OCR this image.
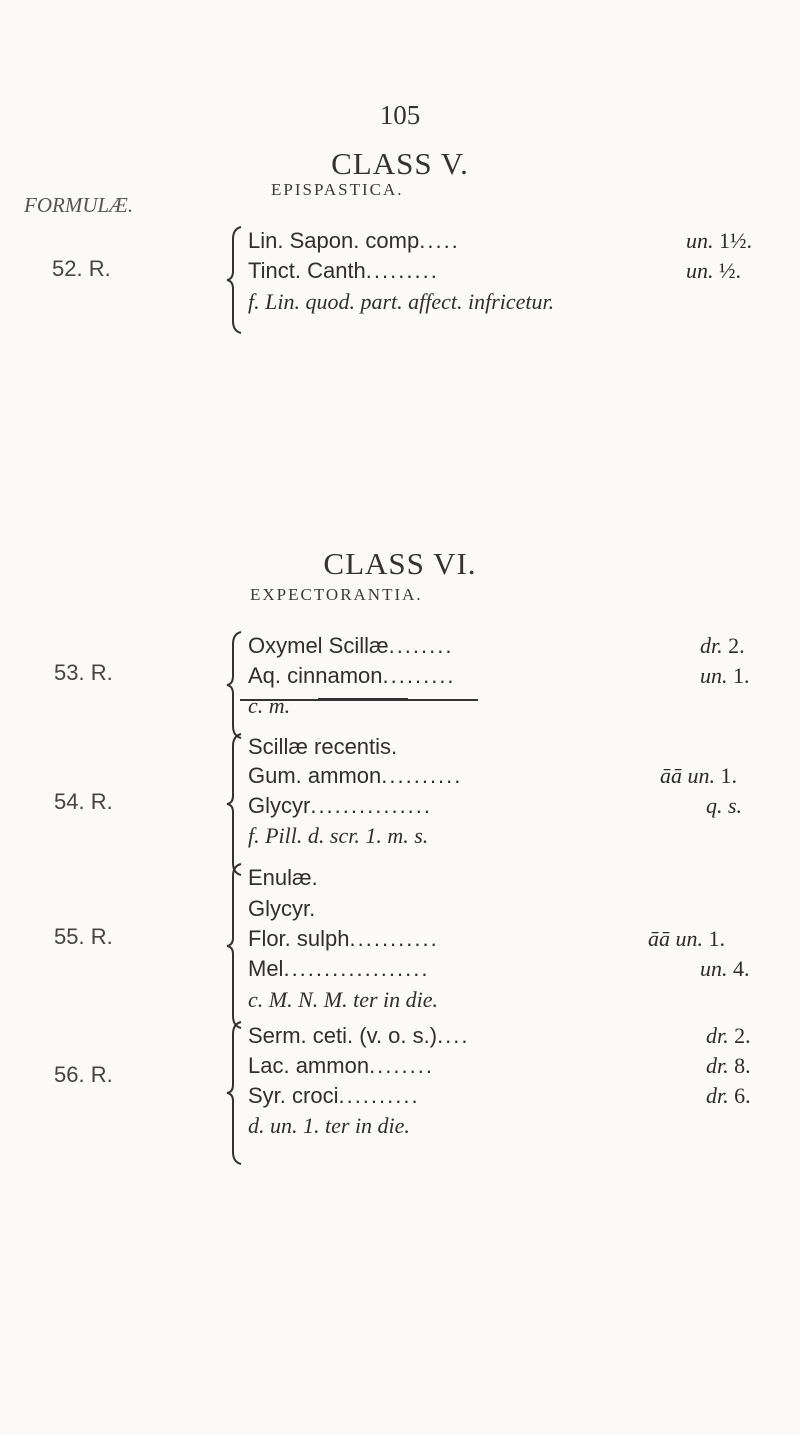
105
CLASS V.
EPISPASTICA.
FORMULÆ.
52. R.
Lin. Sapon. comp.....	un. 1½.
Tinct. Canth.........	un. ½.
f. Lin. quod. part. affect. infricetur.
CLASS VI.
EXPECTORANTIA.
53. R.
Oxymel Scillæ........	dr. 2.
Aq. cinnamon.........	un. 1.
c. m.
54. R.
Scillæ recentis.
Gum. ammon..........	āā un. 1.
Glycyr...............	q. s.
f. Pill. d. scr. 1. m. s.
55. R.
Enulæ.
Glycyr.
Flor. sulph...........	āā un. 1.
Mel..................	un. 4.
c. M. N. M. ter in die.
56. R.
Serm. ceti. (v. o. s.)....	dr. 2.
Lac. ammon........	dr. 8.
Syr. croci..........	dr. 6.
d. un. 1. ter in die.
